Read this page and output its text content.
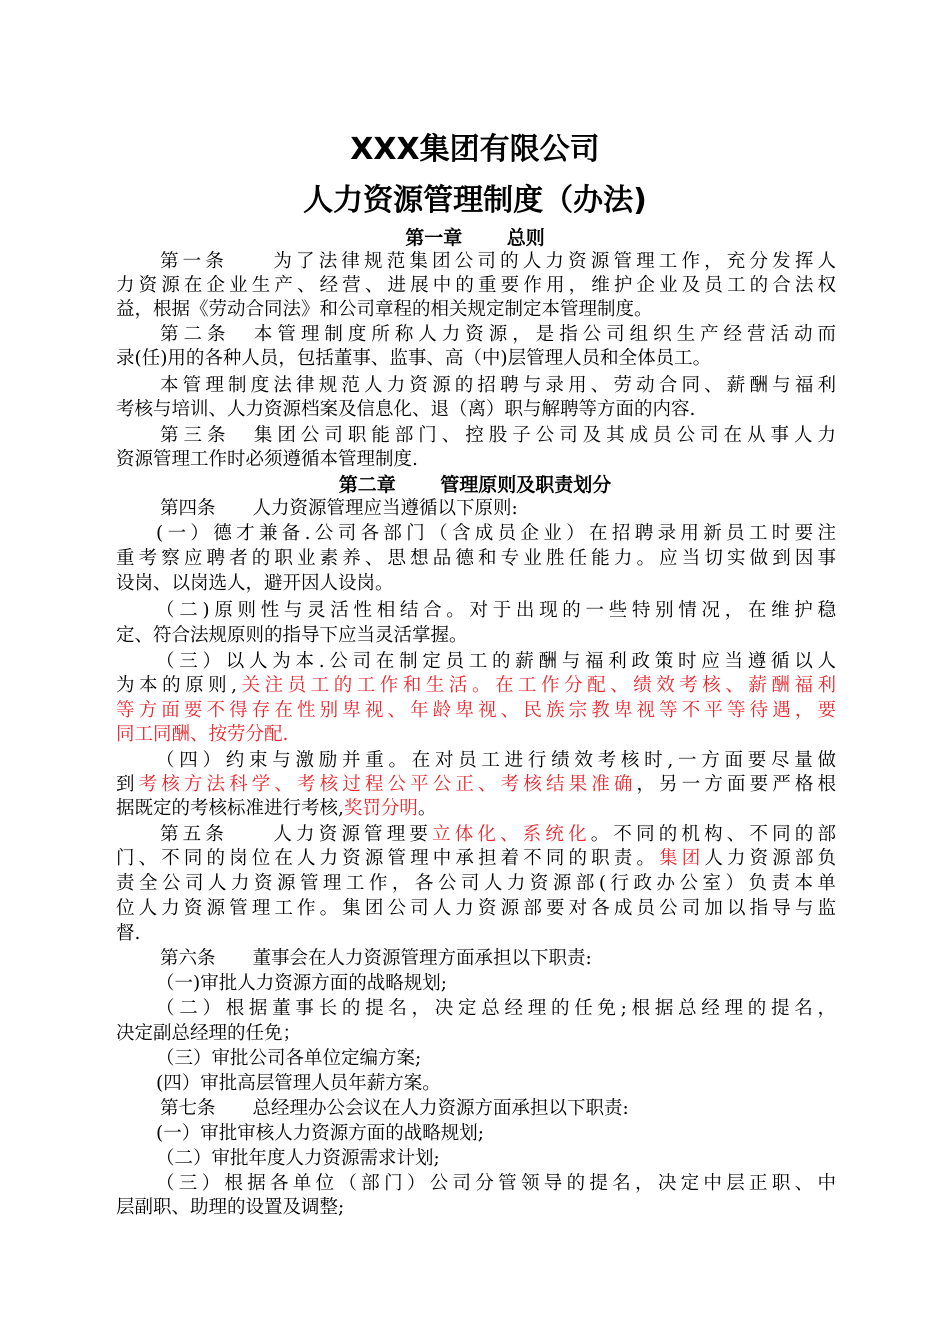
XXX集团有限公司
人力资源管理制度（办法)
第一章　　 总则
第一条　　为了法律规范集团公司的人力资源管理工作，充分发挥人
力资源在企业生产、经营、进展中的重要作用，维护企业及员工的合法权
益，根据《劳动合同法》和公司章程的相关规定制定本管理制度。
第二条　本管理制度所称人力资源，是指公司组织生产经营活动而
录(任)用的各种人员，包括董事、监事、高（中)层管理人员和全体员工。
本管理制度法律规范人力资源的招聘与录用、劳动合同、薪酬与福利
考核与培训、人力资源档案及信息化、退（离）职与解聘等方面的内容.
第三条　集团公司职能部门、控股子公司及其成员公司在从事人力
资源管理工作时必须遵循本管理制度.
第二章　　 管理原则及职责划分
第四条　　人力资源管理应当遵循以下原则:
(一）德才兼备.公司各部门（含成员企业）在招聘录用新员工时要注
重考察应聘者的职业素养、思想品德和专业胜任能力。应当切实做到因事
设岗、以岗选人，避开因人设岗。
（二)原则性与灵活性相结合。对于出现的一些特别情况，在维护稳
定、符合法规原则的指导下应当灵活掌握。
（三）以人为本.公司在制定员工的薪酬与福利政策时应当遵循以人
为本的原则,关注员工的工作和生活。在工作分配、绩效考核、薪酬福利
等方面要不得存在性别卑视、年龄卑视、民族宗教卑视等不平等待遇，要
同工同酬、按劳分配.
（四）约束与激励并重。在对员工进行绩效考核时,一方面要尽量做
到考核方法科学、考核过程公平公正、考核结果准确，另一方面要严格根
据既定的考核标准进行考核,奖罚分明。
第五条　　人力资源管理要立体化、系统化。不同的机构、不同的部
门、不同的岗位在人力资源管理中承担着不同的职责。集团人力资源部负
责全公司人力资源管理工作，各公司人力资源部(行政办公室）负责本单
位人力资源管理工作。集团公司人力资源部要对各成员公司加以指导与监
督.
第六条　　董事会在人力资源管理方面承担以下职责:
（一)审批人力资源方面的战略规划;
（二）根据董事长的提名，决定总经理的任免;根据总经理的提名，
决定副总经理的任免；
（三）审批公司各单位定编方案;
(四）审批高层管理人员年薪方案。
第七条　　总经理办公会议在人力资源方面承担以下职责:
(一）审批审核人力资源方面的战略规划;
（二）审批年度人力资源需求计划;
（三）根据各单位（部门）公司分管领导的提名，决定中层正职、中
层副职、助理的设置及调整;
